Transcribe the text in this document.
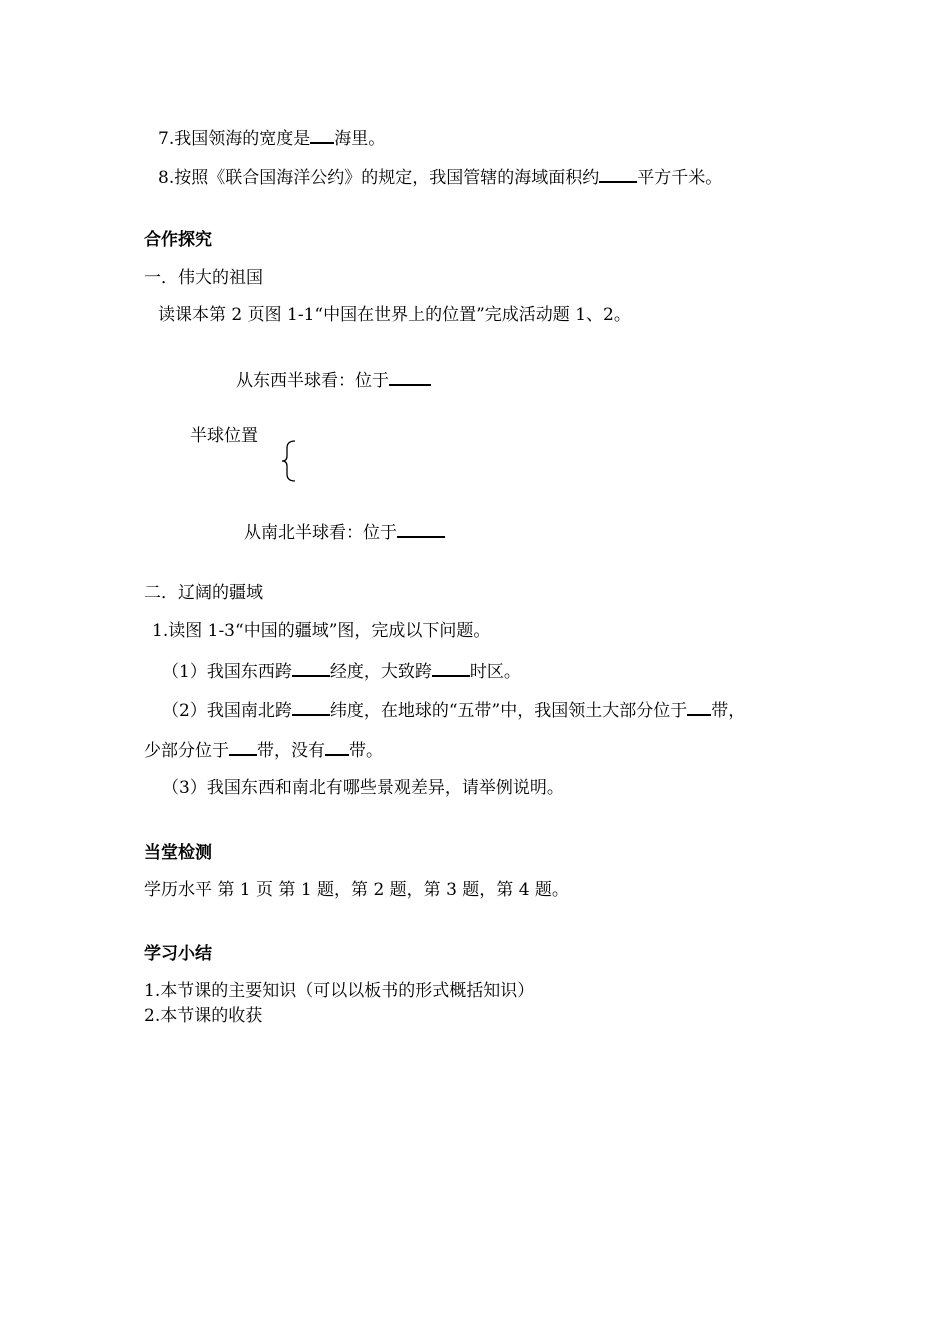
7.我国领海的宽度是 海里。
8.按照《联合国海洋公约》的规定，我国管辖的海域面积约 平方千米。
合作探究
一．伟大的祖国
读课本第 2 页图 1-1“中国在世界上的位置”完成活动题 1、2。
从东西半球看：位于
半球位置
从南北半球看：位于
二．辽阔的疆域
1.读图 1-3“中国的疆域”图，完成以下问题。
（1）我国东西跨 经度，大致跨 时区。
（2）我国南北跨 纬度，在地球的“五带”中，我国领土大部分位于 带，
少部分位于 带，没有 带。
（3）我国东西和南北有哪些景观差异，请举例说明。
当堂检测
学历水平 第 1 页 第 1 题，第 2 题，第 3 题，第 4 题。
学习小结
1.本节课的主要知识（可以以板书的形式概括知识）
2.本节课的收获
